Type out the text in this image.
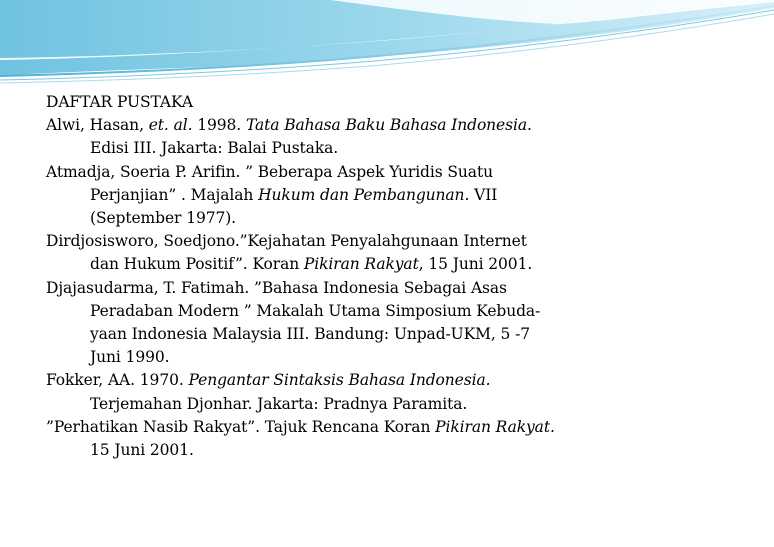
DAFTAR PUSTAKA

Alwi, Hasan, et. al. 1998. Tata Bahasa Baku Bahasa Indonesia.
Edisi III. Jakarta: Balai Pustaka.
Atmadja, Soeria P. Arifin. ” Beberapa Aspek Yuridis Suatu
Perjanjian” . Majalah Hukum dan Pembangunan. VII
(September 1977).
Dirdjosisworo, Soedjono.”Kejahatan Penyalahgunaan Internet
dan Hukum Positif”. Koran Pikiran Rakyat, 15 Juni 2001.
Djajasudarma, T. Fatimah. ”Bahasa Indonesia Sebagai Asas
Peradaban Modern ” Makalah Utama Simposium Kebuda-
yaan Indonesia Malaysia III. Bandung: Unpad-UKM, 5 -7
Juni 1990.
Fokker, AA. 1970. Pengantar Sintaksis Bahasa Indonesia.
Terjemahan Djonhar. Jakarta: Pradnya Paramita.
”Perhatikan Nasib Rakyat”. Tajuk Rencana Koran Pikiran Rakyat.
15 Juni 2001.
